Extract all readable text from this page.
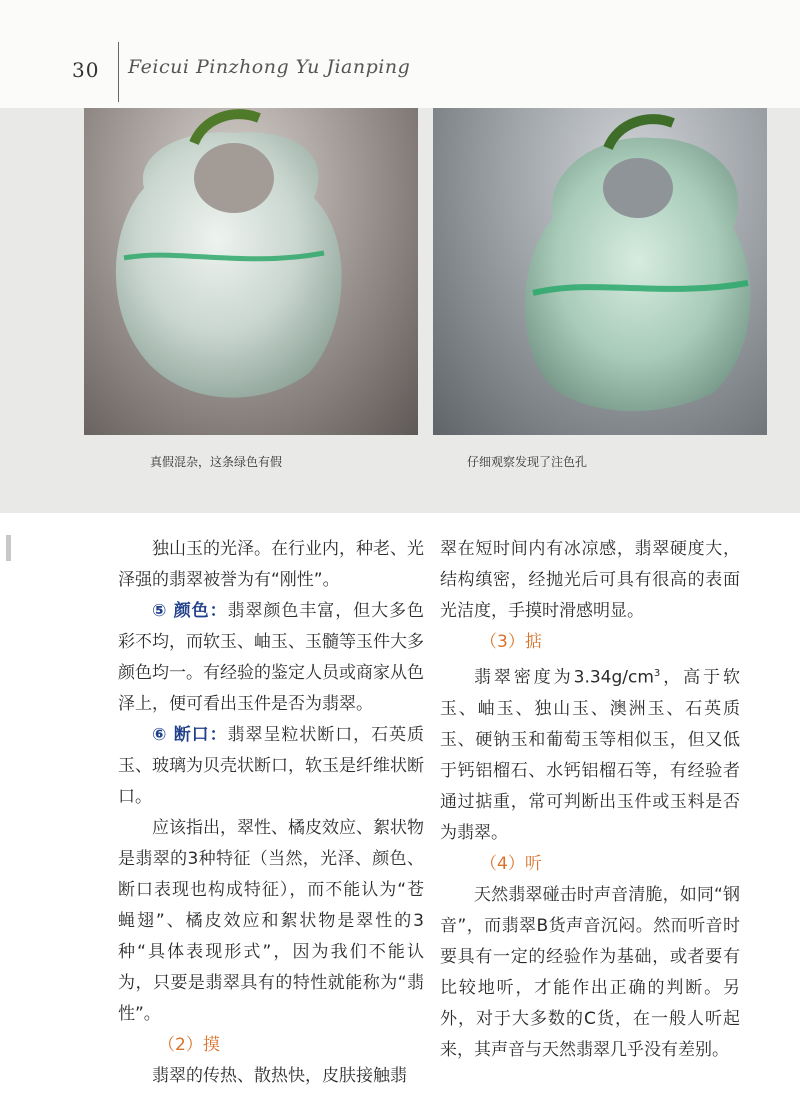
30 Feicui Pinzhong Yu Jianping
真假混杂，这条绿色有假	仔细观察发现了注色孔

独山玉的光泽。在行业内，种老、光泽强的翡翠被誉为有“刚性”。

⑤ 颜色：翡翠颜色丰富，但大多色彩不均，而软玉、岫玉、玉髓等玉件大多颜色均一。有经验的鉴定人员或商家从色泽上，便可看出玉件是否为翡翠。

⑥ 断口：翡翠呈粒状断口，石英质玉、玻璃为贝壳状断口，软玉是纤维状断口。

应该指出，翠性、橘皮效应、絮状物是翡翠的3种特征（当然，光泽、颜色、断口表现也构成特征），而不能认为“苍蝇翅”、橘皮效应和絮状物是翠性的3种“具体表现形式”，因为我们不能认为，只要是翡翠具有的特性就能称为“翡性”。

（2）摸

翡翠的传热、散热快，皮肤接触翡

翠在短时间内有冰凉感，翡翠硬度大，结构缜密，经抛光后可具有很高的表面光洁度，手摸时滑感明显。

（3）掂

翡翠密度为$3.34g/cm^3$，高于软玉、岫玉、独山玉、澳洲玉、石英质玉、硬钠玉和葡萄玉等相似玉，但又低于钙铝榴石、水钙铝榴石等，有经验者通过掂重，常可判断出玉件或玉料是否为翡翠。

（4）听

天然翡翠碰击时声音清脆，如同“钢音”，而翡翠B货声音沉闷。然而听音时要具有一定的经验作为基础，或者要有比较地听，才能作出正确的判断。另外，对于大多数的C货，在一般人听起来，其声音与天然翡翠几乎没有差别。
